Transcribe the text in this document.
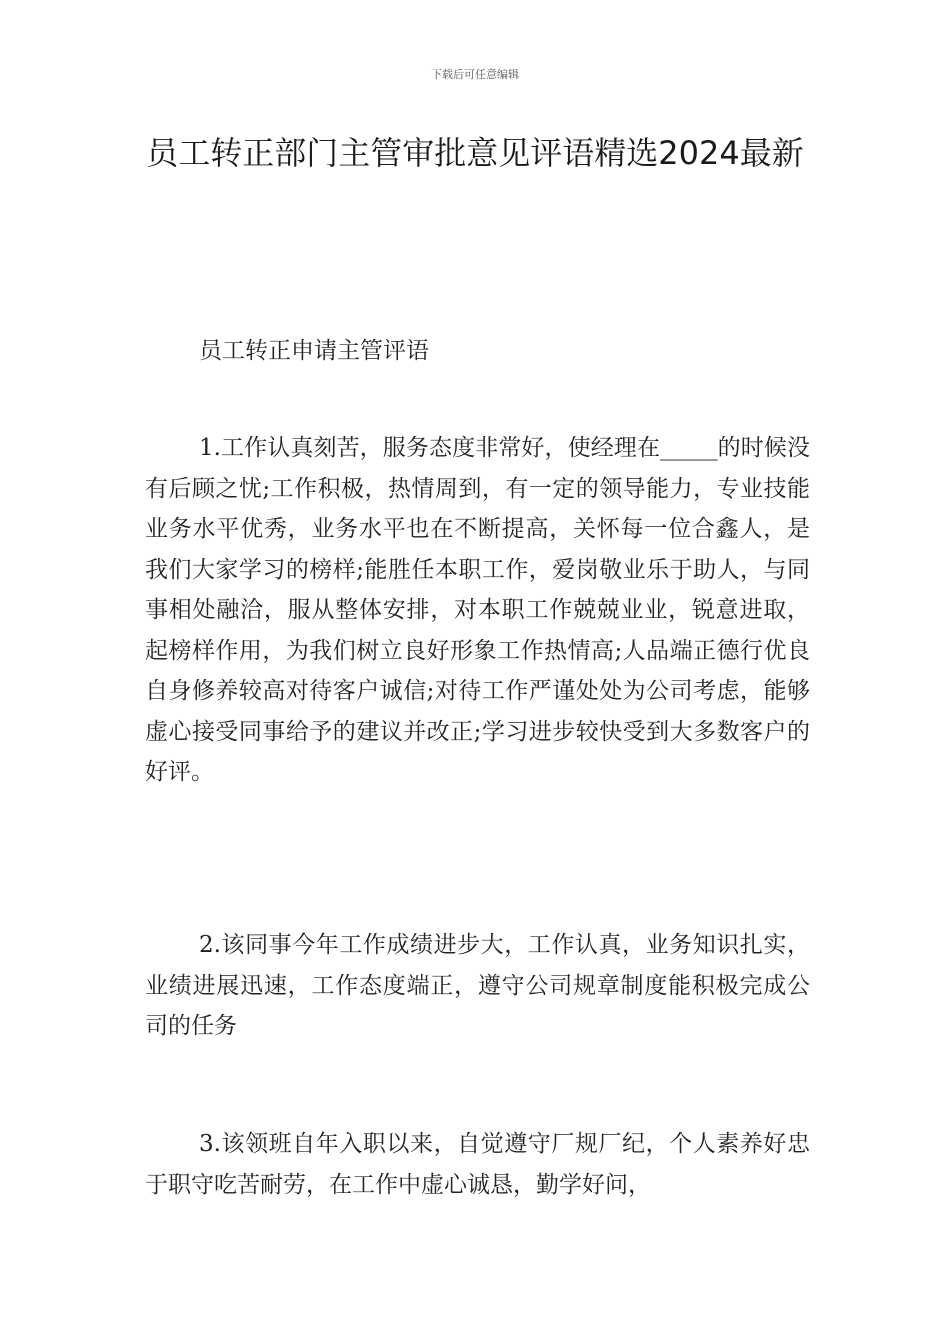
下载后可任意编辑
员工转正部门主管审批意见评语精选2024最新

员工转正申请主管评语

1.工作认真刻苦，服务态度非常好，使经理在_____的时候没有后顾之忧;工作积极，热情周到，有一定的领导能力，专业技能业务水平优秀，业务水平也在不断提高，关怀每一位合鑫人，是我们大家学习的榜样;能胜任本职工作，爱岗敬业乐于助人，与同事相处融洽，服从整体安排，对本职工作兢兢业业，锐意进取，起榜样作用，为我们树立良好形象工作热情高;人品端正德行优良自身修养较高对待客户诚信;对待工作严谨处处为公司考虑，能够虚心接受同事给予的建议并改正;学习进步较快受到大多数客户的好评。

2.该同事今年工作成绩进步大，工作认真，业务知识扎实，业绩进展迅速，工作态度端正，遵守公司规章制度能积极完成公司的任务

3.该领班自年入职以来，自觉遵守厂规厂纪，个人素养好忠于职守吃苦耐劳，在工作中虚心诚恳，勤学好问，
